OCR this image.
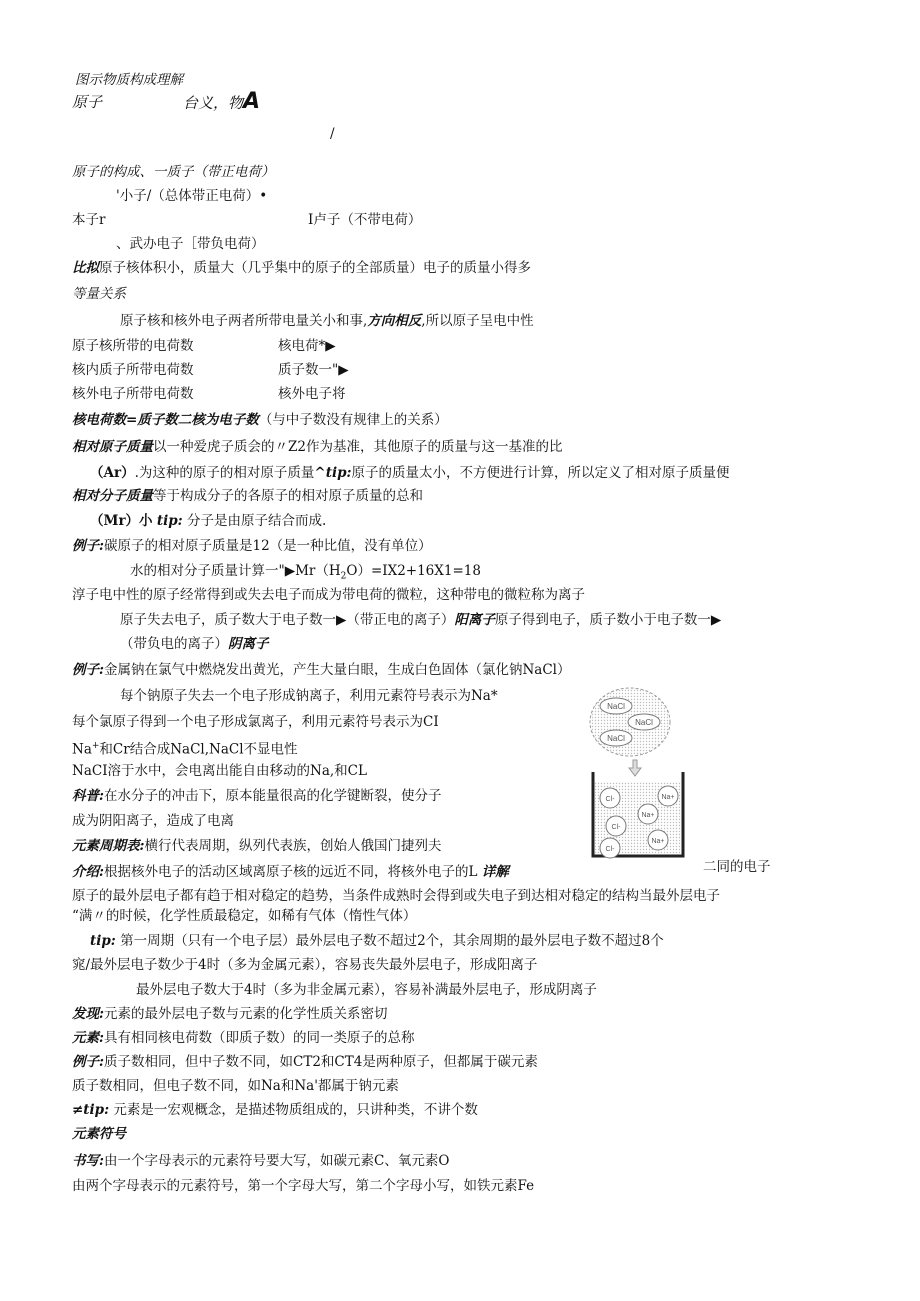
图示物质构成理解
原子	台义，物A
/
原子的构成、一质子（带正电荷）
'小子/（总体带正电荷）•
本子r	I卢子（不带电荷）
、武办电子［带负电荷）
比拟原子核体积小，质量大（几乎集中的原子的全部质量）电子的质量小得多
等量关系
原子核和核外电子两者所带电量关小和事,方向相反,所以原子呈电中性
原子核所带的电荷数	核电荷*▶
核内质子所带电荷数	质子数一"▶
核外电子所带电荷数	核外电子将
核电荷数=质子数二核为电子数（与中子数没有规律上的关系）
相对原子质量以一种爱虎子质会的〃Z2作为基准，其他原子的质量与这一基准的比
（Ar）.为这种的原子的相对原子质量^tip:原子的质量太小，不方便进行计算，所以定义了相对原子质量便
相对分子质量等于构成分子的各原子的相对原子质量的总和
（Mr）小 tip: 分子是由原子结合而成.
例子:碳原子的相对原子质量是12（是一种比值，没有单位）
水的相对分子质量计算一"$▶Mr(H_2O)=IX2+16X1=18$
淳子电中性的原子经常得到或失去电子而成为带电荷的微粒，这种带电的微粒称为离子
原子失去电子，质子数大于电子数一▶（带正电的离子）阳离子原子得到电子，质子数小于电子数一▶
（带负电的离子）阴离子
例子:金属钠在氯气中燃烧发出黄光，产生大量白眼，生成白色固体（氯化钠NaCl）
每个钠原子失去一个电子形成钠离子，利用元素符号表示为Na*
每个氯原子得到一个电子形成氯离子，利用元素符号表示为CI
Na+和Cr结合成NaCl,NaCl不显电性
NaCI溶于水中，会电离出能自由移动的Na,和CL
科普:在水分子的冲击下，原本能量很高的化学键断裂，使分子
成为阴阳离子，造成了电离
NaCl
NaCl
NaCl
Cl-	Na+
Cl-
Na+
Cl-
Na+
元素周期表:横行代表周期，纵列代表族，创始人俄国门捷列夫
介绍:根据核外电子的活动区域离原子核的远近不同，将核外电子的L 详解	二同的电子
原子的最外层电子都有趋于相对稳定的趋势，当条件成熟时会得到或失电子到达相对稳定的结构当最外层电子
“满〃的时候，化学性质最稳定，如稀有气体（惰性气体）
tip: 第一周期（只有一个电子层）最外层电子数不超过2个，其余周期的最外层电子数不超过8个
窕/最外层电子数少于4时（多为金属元素），容易丧失最外层电子，形成阳离子
最外层电子数大于4时（多为非金属元素），容易补满最外层电子，形成阴离子
发现:元素的最外层电子数与元素的化学性质关系密切
元素:具有相同核电荷数（即质子数）的同一类原子的总称
例子:质子数相同，但中子数不同，如CT2和CT4是两种原子，但都属于碳元素
质子数相同，但电子数不同，如Na和Na'都属于钠元素
≠tip: 元素是一宏观概念，是描述物质组成的，只讲种类，不讲个数
元素符号
书写:由一个字母表示的元素符号要大写，如碳元素C、氧元素O
由两个字母表示的元素符号，第一个字母大写，第二个字母小写，如铁元素Fe
